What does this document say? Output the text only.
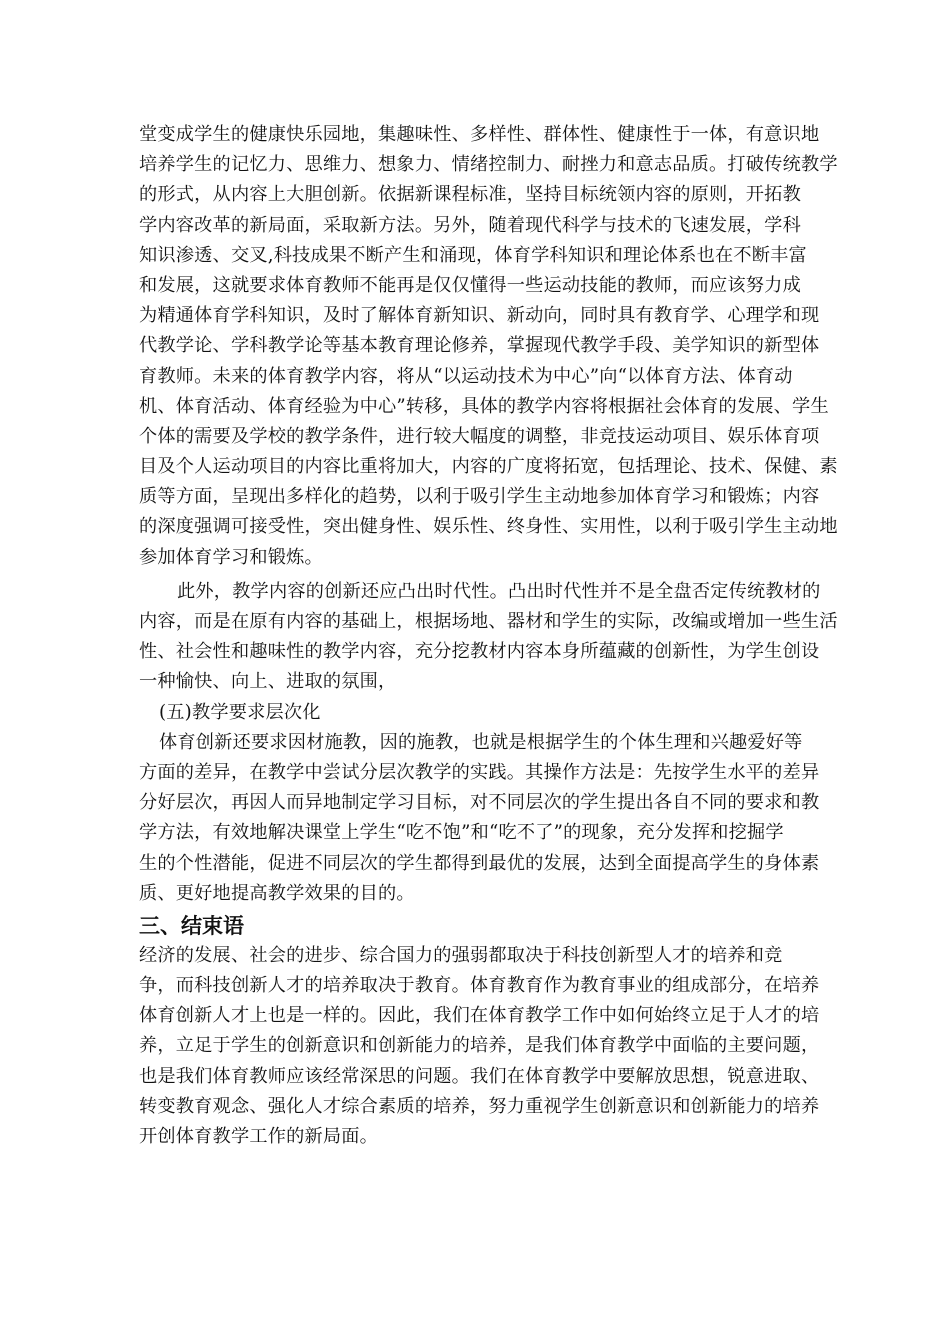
堂变成学生的健康快乐园地，集趣味性、多样性、群体性、健康性于一体，有意识地
培养学生的记忆力、思维力、想象力、情绪控制力、耐挫力和意志品质。打破传统教学
的形式，从内容上大胆创新。依据新课程标准，坚持目标统领内容的原则，开拓教
学内容改革的新局面，采取新方法。另外，随着现代科学与技术的飞速发展，学科
知识渗透、交叉,科技成果不断产生和涌现，体育学科知识和理论体系也在不断丰富
和发展，这就要求体育教师不能再是仅仅懂得一些运动技能的教师，而应该努力成
为精通体育学科知识，及时了解体育新知识、新动向，同时具有教育学、心理学和现
代教学论、学科教学论等基本教育理论修养，掌握现代教学手段、美学知识的新型体
育教师。未来的体育教学内容，将从“以运动技术为中心”向“以体育方法、体育动
机、体育活动、体育经验为中心”转移，具体的教学内容将根据社会体育的发展、学生
个体的需要及学校的教学条件，进行较大幅度的调整，非竞技运动项目、娱乐体育项
目及个人运动项目的内容比重将加大，内容的广度将拓宽，包括理论、技术、保健、素
质等方面，呈现出多样化的趋势，以利于吸引学生主动地参加体育学习和锻炼；内容
的深度强调可接受性，突出健身性、娱乐性、终身性、实用性，以利于吸引学生主动地
参加体育学习和锻炼。
此外，教学内容的创新还应凸出时代性。凸出时代性并不是全盘否定传统教材的
内容，而是在原有内容的基础上，根据场地、器材和学生的实际，改编或增加一些生活
性、社会性和趣味性的教学内容，充分挖教材内容本身所蕴藏的创新性，为学生创设
一种愉快、向上、进取的氛围，
(五)教学要求层次化
体育创新还要求因材施教，因的施教，也就是根据学生的个体生理和兴趣爱好等
方面的差异，在教学中尝试分层次教学的实践。其操作方法是：先按学生水平的差异
分好层次，再因人而异地制定学习目标，对不同层次的学生提出各自不同的要求和教
学方法，有效地解决课堂上学生“吃不饱”和“吃不了”的现象，充分发挥和挖掘学
生的个性潜能，促进不同层次的学生都得到最优的发展，达到全面提高学生的身体素
质、更好地提高教学效果的目的。
三、结束语
经济的发展、社会的进步、综合国力的强弱都取决于科技创新型人才的培养和竞
争，而科技创新人才的培养取决于教育。体育教育作为教育事业的组成部分，在培养
体育创新人才上也是一样的。因此，我们在体育教学工作中如何始终立足于人才的培
养，立足于学生的创新意识和创新能力的培养，是我们体育教学中面临的主要问题，
也是我们体育教师应该经常深思的问题。我们在体育教学中要解放思想，锐意进取、
转变教育观念、强化人才综合素质的培养，努力重视学生创新意识和创新能力的培养
开创体育教学工作的新局面。
